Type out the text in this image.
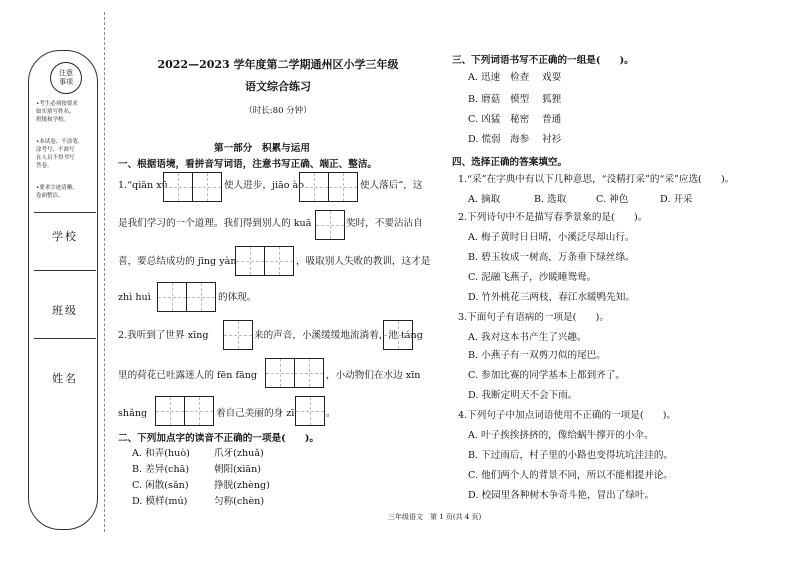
注意
事项
•考生必须按要求
如实填写姓名、
班级和学校。
•本试卷、不涂笔、
涂考号、不准写
在人员不得书写
答卷。
•要求字迹清晰、
卷面整洁。
学校
班级
姓名
2022—2023 学年度第二学期通州区小学三年级
语文综合练习
（时长:80 分钟）
第一部分　积累与运用
一、根据语境，看拼音写词语，注意书写正确、端正、整洁。
1.“qiān xū	使人进步，jiāo ào	使人落后”，这
是我们学习的一个道理。我们得到别人的 kuā	奖时，不要沾沾自
喜，要总结成功的 jīng yàn	，吸取别人失败的教训，这才是
zhì huì	的体现。
2.我听到了世界 xīng	来的声音，小溪缓缓地流淌着，池 táng
里的荷花已吐露迷人的 fēn fāng	，小动物们在水边 xīn
shǎng	着自己美丽的身 zī	。
二、下列加点字的读音不正确的一项是(　　)。
A. 和弄(huò)	爪牙(zhuǎ)
B. 差异(chā)	朝阳(xiān)
C. 闲散(sǎn)	挣脱(zhèng)
D. 模样(mú)	匀称(chèn)
三、下列词语书写不正确的一组是(　　)。
A. 迅速 检查 戏耍
B. 磨菇 模型 狐狸
C. 凶猛 秘密 普通
D. 慌弱 海参 衬衫
四、选择正确的答案填空。
1.“采”在字典中有以下几种意思，“没精打采”的“采”应选(　　)。
A. 摘取	B. 选取	C. 神色	D. 开采
2.下列诗句中不是描写春季景象的是(　　)。
A. 梅子黄时日日晴，小溪泛尽却山行。
B. 碧玉妆成一树高，万条垂下绿丝绦。
C. 泥融飞燕子，沙暖睡鸳鸯。
D. 竹外桃花三两枝，春江水暖鸭先知。
3.下面句子有语病的一项是(　　)。
A. 我对这本书产生了兴趣。
B. 小燕子有一双剪刀似的尾巴。
C. 参加比赛的同学基本上都到齐了。
D. 我断定明天不会下雨。
4.下列句子中加点词语使用不正确的一项是(　　)。
A. 叶子挨挨挤挤的，像给蜗牛撑开的小伞。
B. 下过雨后，村子里的小路也变得坑坑洼洼的。
C. 他们两个人的背景不同，所以不能相提并论。
D. 校园里各种树木争奇斗艳，冒出了绿叶。
三年级语文　第 1 页(共 4 页)
